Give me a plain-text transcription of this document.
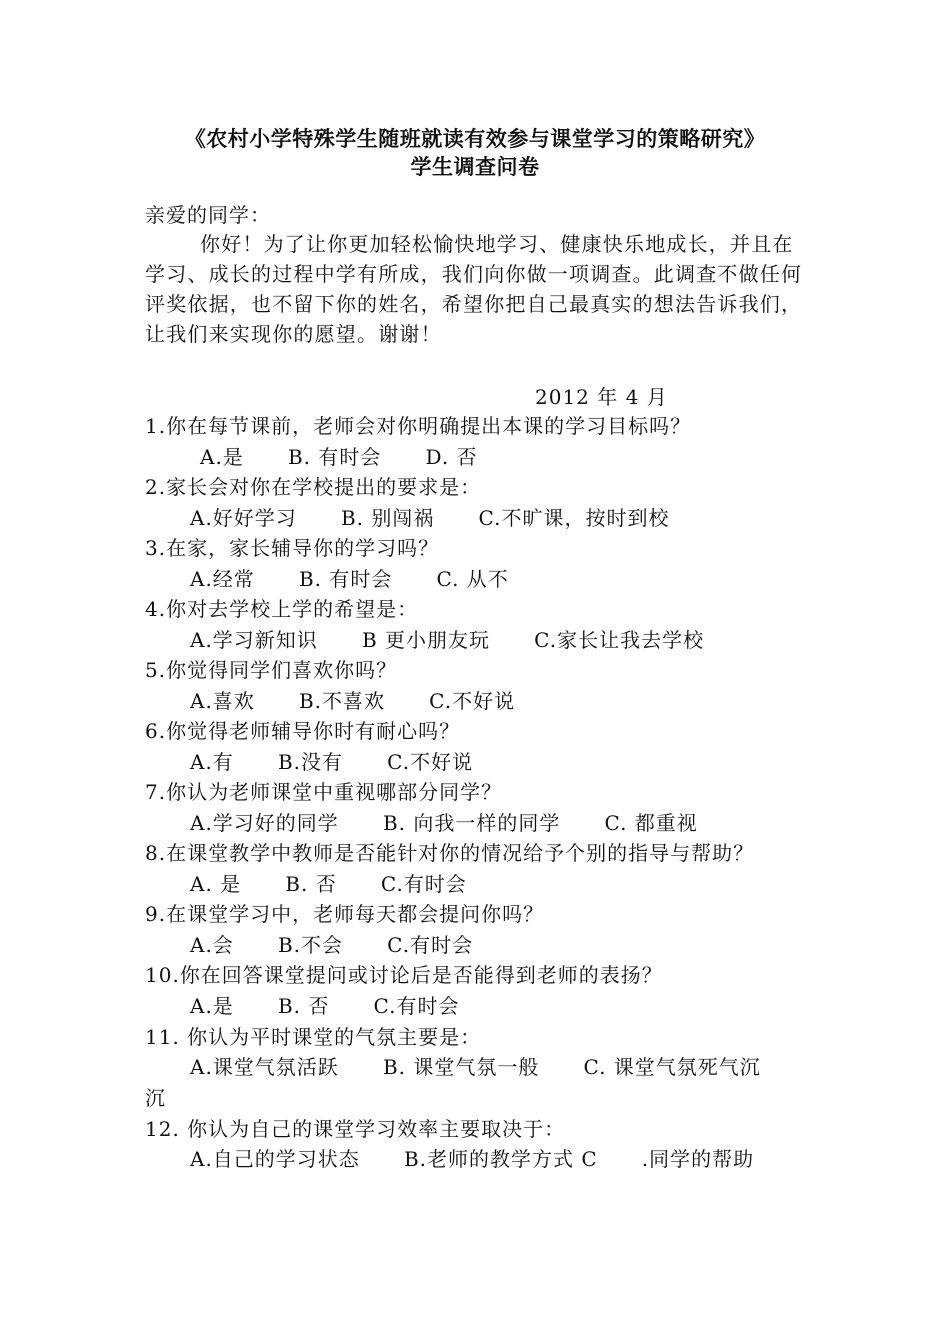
《农村小学特殊学生随班就读有效参与课堂学习的策略研究》
学生调查问卷
亲爱的同学：
你好！为了让你更加轻松愉快地学习、健康快乐地成长，并且在学习、成长的过程中学有所成，我们向你做一项调查。此调查不做任何评奖依据，也不留下你的姓名，希望你把自己最真实的想法告诉我们，让我们来实现你的愿望。谢谢！
2012 年 4 月
1.你在每节课前，老师会对你明确提出本课的学习目标吗？
A.是      B. 有时会      D. 否
2.家长会对你在学校提出的要求是：
A.好好学习      B. 别闯祸      C.不旷课，按时到校
3.在家，家长辅导你的学习吗？
A.经常      B. 有时会      C. 从不
4.你对去学校上学的希望是：
A.学习新知识      B 更小朋友玩      C.家长让我去学校
5.你觉得同学们喜欢你吗？
A.喜欢      B.不喜欢      C.不好说
6.你觉得老师辅导你时有耐心吗？
A.有      B.没有      C.不好说
7.你认为老师课堂中重视哪部分同学？
A.学习好的同学      B. 向我一样的同学      C. 都重视
8.在课堂教学中教师是否能针对你的情况给予个别的指导与帮助？
A. 是      B. 否      C.有时会
9.在课堂学习中，老师每天都会提问你吗？
A.会      B.不会      C.有时会
10.你在回答课堂提问或讨论后是否能得到老师的表扬？
A.是      B. 否      C.有时会
11. 你认为平时课堂的气氛主要是：
A.课堂气氛活跃      B. 课堂气氛一般      C. 课堂气氛死气沉
沉
12. 你认为自己的课堂学习效率主要取决于：
A.自己的学习状态      B.老师的教学方式 C      .同学的帮助
